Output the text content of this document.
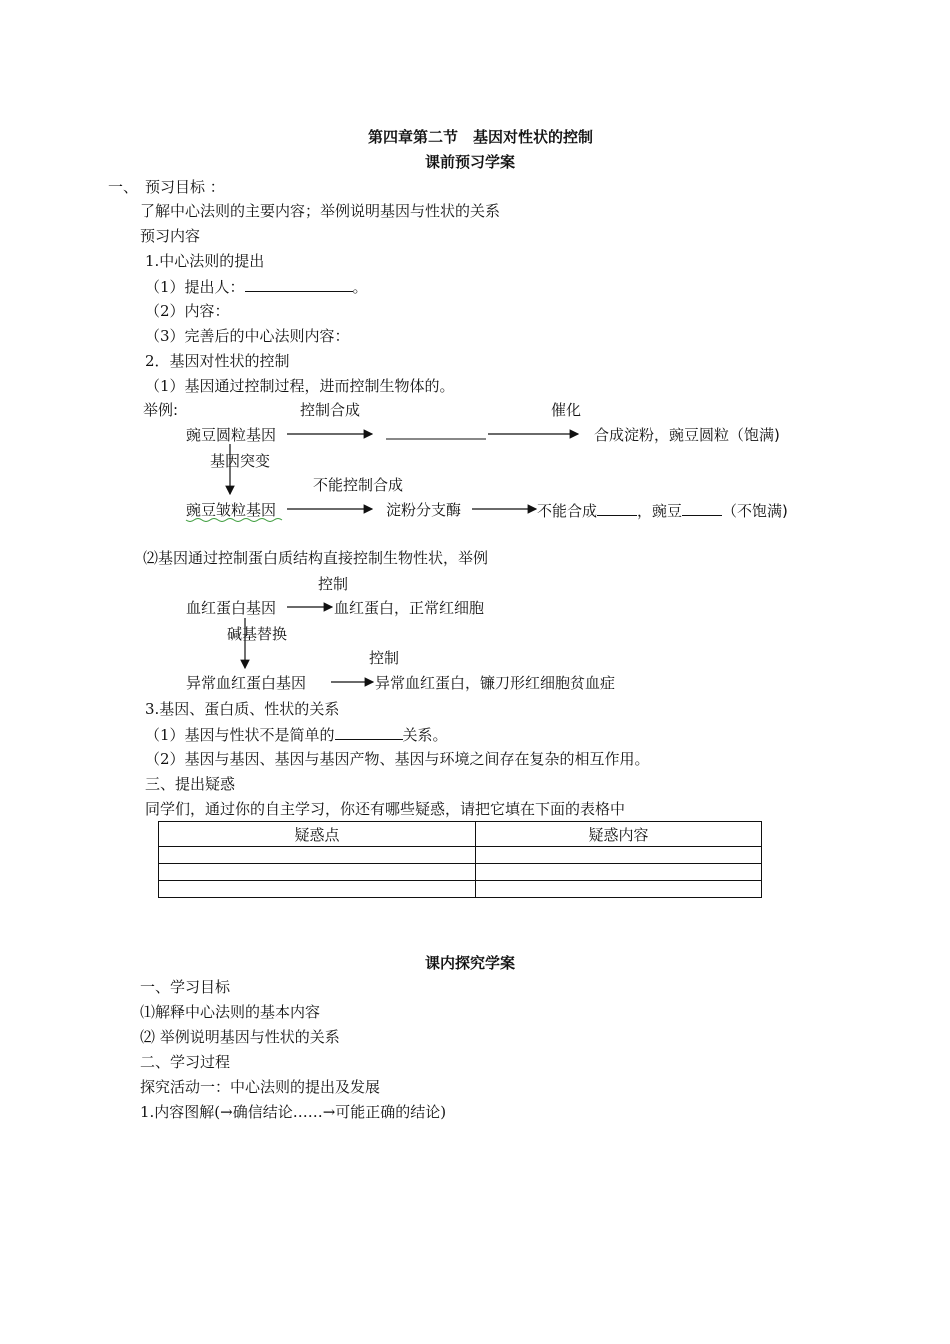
第四章第二节　基因对性状的控制
课前预习学案
一、 预习目标 ：
了解中心法则的主要内容；举例说明基因与性状的关系
预习内容
1.中心法则的提出
（1）提出人：	。
（2）内容：
（3）完善后的中心法则内容：
2．基因对性状的控制
（1）基因通过控制过程，进而控制生物体的。
举例:	控制合成	催化
豌豆圆粒基因	合成淀粉，豌豆圆粒（饱满)
基因突变
不能控制合成
豌豆皱粒基因	淀粉分支酶	不能合成	，豌豆	（不饱满)
⑵基因通过控制蛋白质结构直接控制生物性状，举例
控制
血红蛋白基因	血红蛋白，正常红细胞
碱基替换
控制
异常血红蛋白基因	异常血红蛋白，镰刀形红细胞贫血症
3.基因、蛋白质、性状的关系
（1）基因与性状不是简单的	关系。
（2）基因与基因、基因与基因产物、基因与环境之间存在复杂的相互作用。
三、提出疑惑
同学们，通过你的自主学习，你还有哪些疑惑，请把它填在下面的表格中
疑惑点	疑惑内容

课内探究学案
一、学习目标
⑴解释中心法则的基本内容
⑵ 举例说明基因与性状的关系
二、学习过程
探究活动一：中心法则的提出及发展
1.内容图解(→确信结论……→可能正确的结论)
